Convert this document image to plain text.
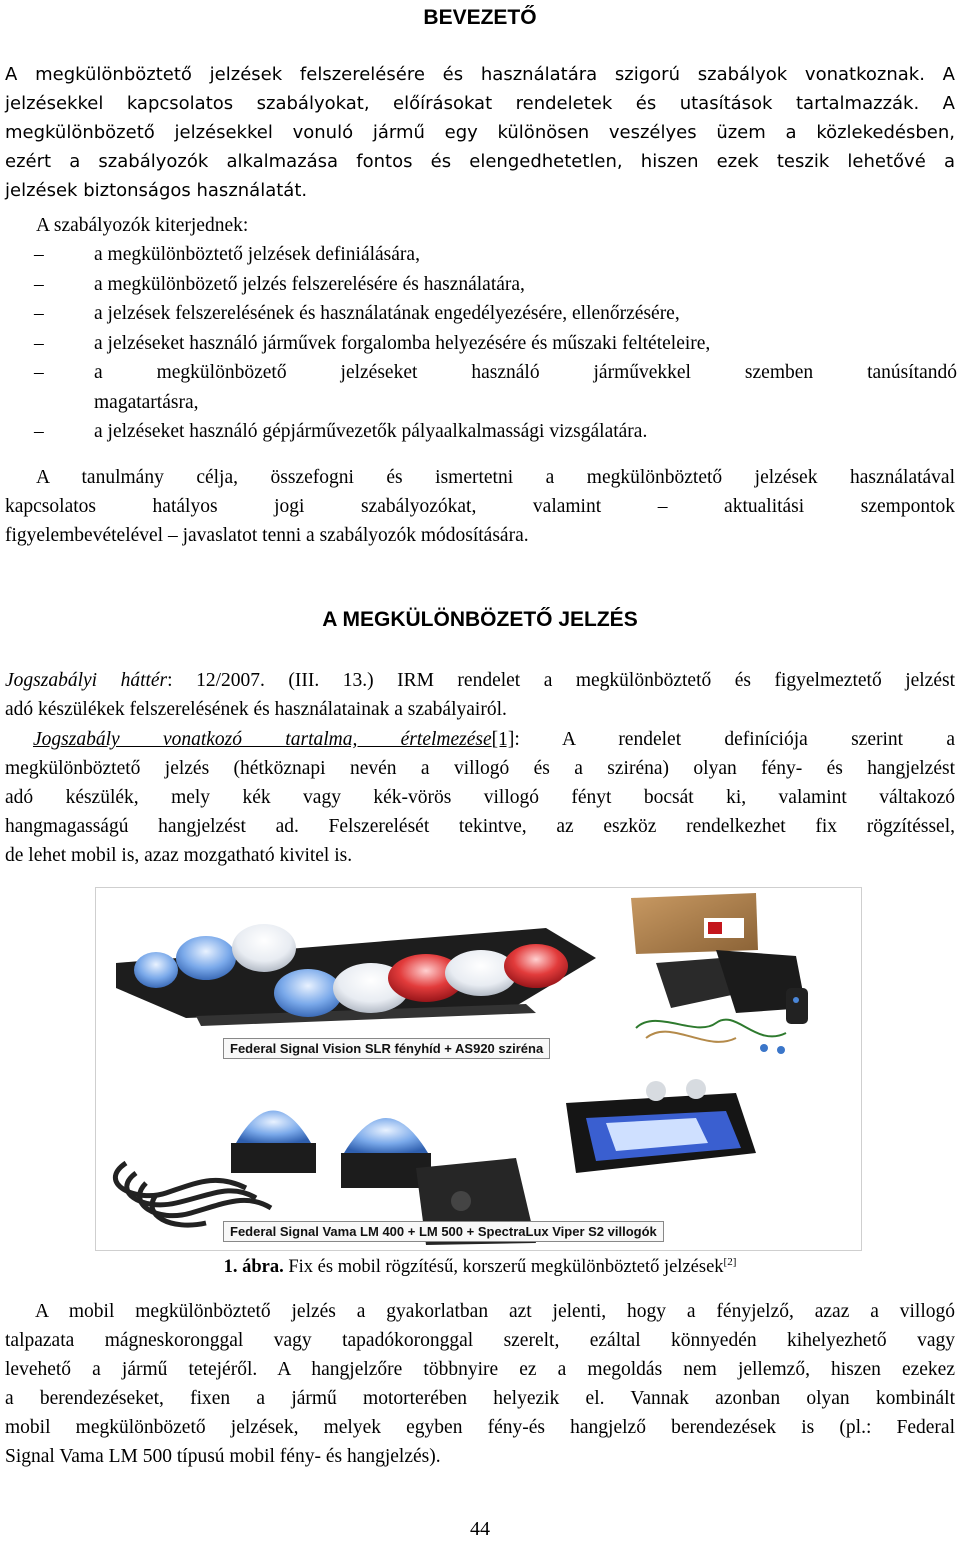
BEVEZETŐ
A megkülönböztető jelzések felszerelésére és használatára szigorú szabályok vonatkoznak. A
jelzésekkel kapcsolatos szabályokat, előírásokat rendeletek és utasítások tartalmazzák. A
megkülönbözető jelzésekkel vonuló jármű egy különösen veszélyes üzem a közlekedésben,
ezért a szabályozók alkalmazása fontos és elengedhetetlen, hiszen ezek teszik lehetővé a
jelzések biztonságos használatát.
A szabályozók kiterjednek:
–	a megkülönböztető jelzések definiálására,
–	a megkülönbözető jelzés felszerelésére és használatára,
–	a jelzések felszerelésének és használatának engedélyezésére, ellenőrzésére,
–	a jelzéseket használó járművek forgalomba helyezésére és műszaki feltételeire,
–	a megkülönbözető jelzéseket használó járművekkel szemben tanúsítandó
magatartásra,
–	a jelzéseket használó gépjárművezetők pályaalkalmassági vizsgálatára.
A tanulmány célja, összefogni és ismertetni a megkülönböztető jelzések használatával
kapcsolatos hatályos jogi szabályozókat, valamint – aktualitási szempontok
figyelembevételével – javaslatot tenni a szabályozók módosítására.
A MEGKÜLÖNBÖZETŐ JELZÉS
Jogszabályi háttér: 12/2007. (III. 13.) IRM rendelet a megkülönböztető és figyelmeztető jelzést
adó készülékek felszerelésének és használatainak a szabályairól.
Jogszabály vonatkozó tartalma, értelmezése[1]: A rendelet definíciója szerint a
megkülönböztető jelzés (hétköznapi nevén a villogó és a sziréna) olyan fény- és hangjelzést
adó készülék, mely kék vagy kék-vörös villogó fényt bocsát ki, valamint váltakozó
hangmagasságú hangjelzést ad. Felszerelését tekintve, az eszköz rendelkezhet fix rögzítéssel,
de lehet mobil is, azaz mozgatható kivitel is.
Federal Signal Vision SLR fényhíd + AS920 sziréna
Federal Signal Vama LM 400 + LM 500 + SpectraLux Viper S2 villogók
1. ábra. Fix és mobil rögzítésű, korszerű megkülönböztető jelzések[2]
A mobil megkülönböztető jelzés a gyakorlatban azt jelenti, hogy a fényjelző, azaz a villogó
talpazata mágneskoronggal vagy tapadókoronggal szerelt, ezáltal könnyedén kihelyezhető vagy
levehető a jármű tetejéről. A hangjelzőre többnyire ez a megoldás nem jellemző, hiszen ezekez
a berendezéseket, fixen a jármű motorterében helyezik el. Vannak azonban olyan kombinált
mobil megkülönbözető jelzések, melyek egyben fény-és hangjelző berendezések is (pl.: Federal
Signal Vama LM 500 típusú mobil fény- és hangjelzés).
44
